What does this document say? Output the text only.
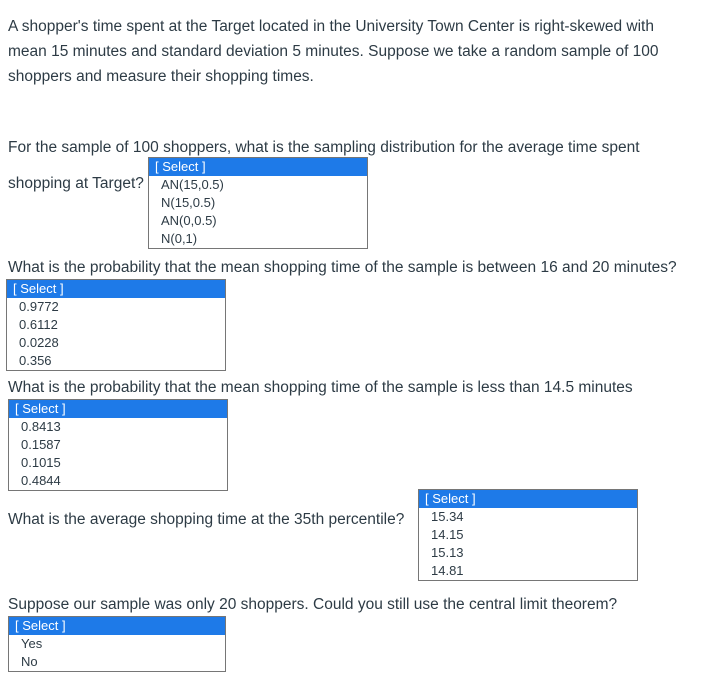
A shopper's time spent at the Target located in the University Town Center is right-skewed with mean 15 minutes and standard deviation 5 minutes. Suppose we take a random sample of 100 shoppers and measure their shopping times.

For the sample of 100 shoppers, what is the sampling distribution for the average time spent

shopping at Target?

[ Select ]
AN(15,0.5)
N(15,0.5)
AN(0,0.5)
N(0,1)

What is the probability that the mean shopping time of the sample is between 16 and 20 minutes?

[ Select ]
0.9772
0.6112
0.0228
0.356

What is the probability that the mean shopping time of the sample is less than 14.5 minutes

[ Select ]
0.8413
0.1587
0.1015
0.4844

What is the average shopping time at the 35th percentile?

[ Select ]
15.34
14.15
15.13
14.81

Suppose our sample was only 20 shoppers. Could you still use the central limit theorem?

[ Select ]
Yes
No
